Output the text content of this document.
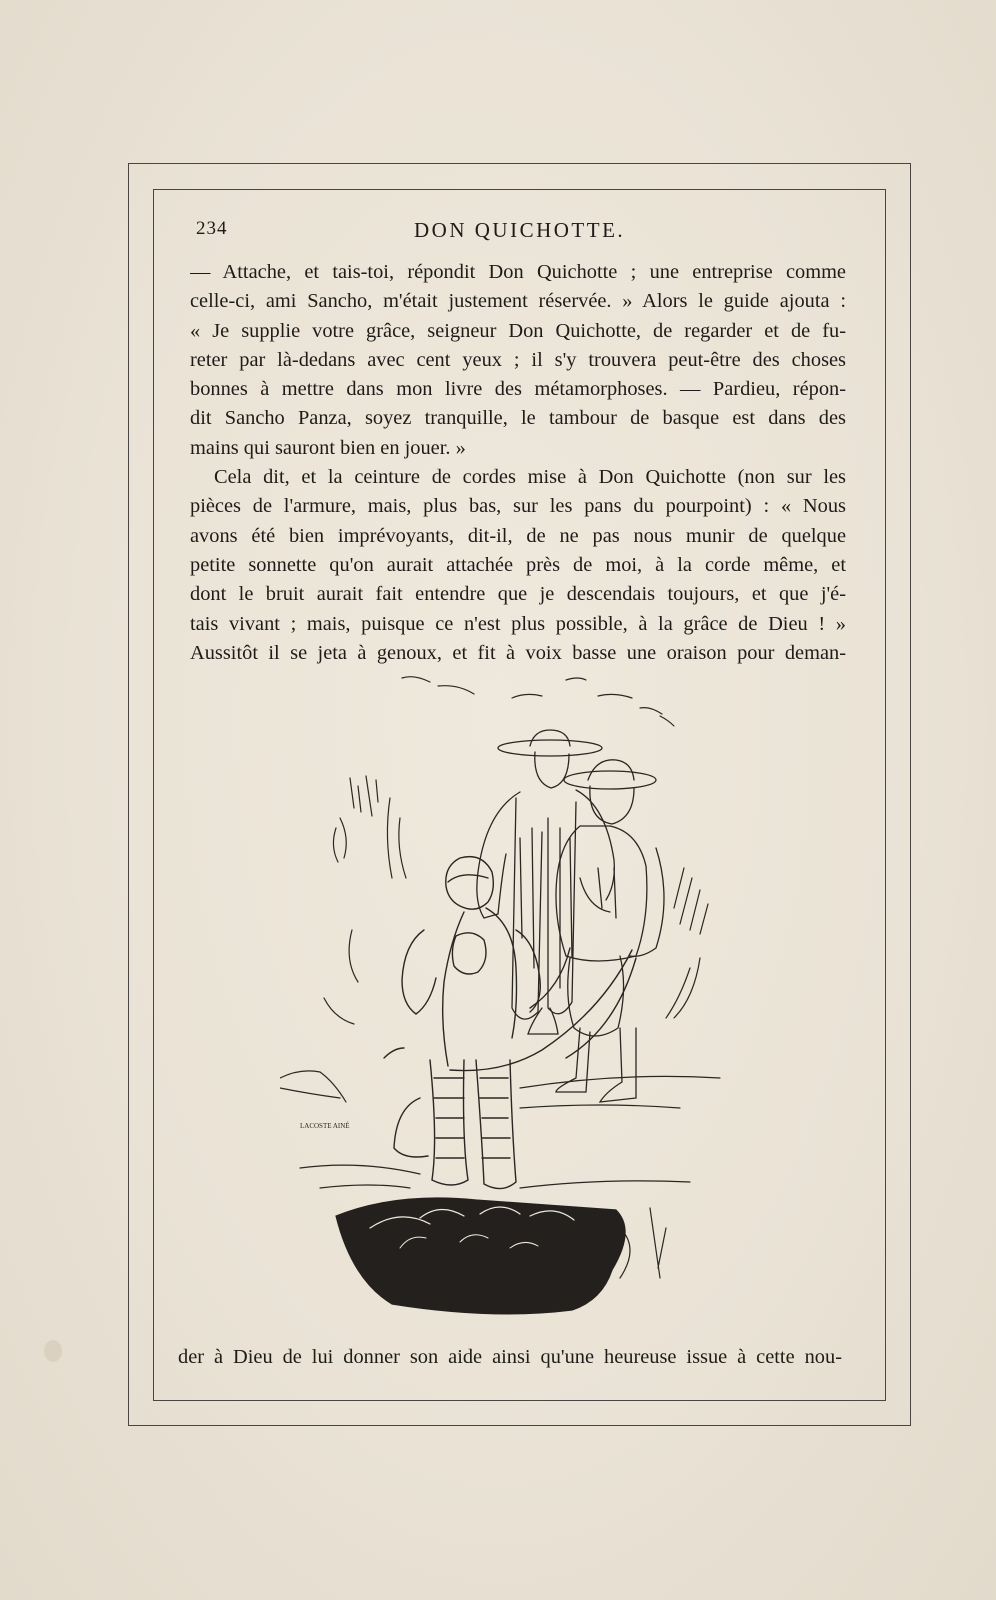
234	DON QUICHOTTE.
— Attache, et tais-toi, répondit Don Quichotte ; une entreprise comme
celle-ci, ami Sancho, m'était justement réservée. » Alors le guide ajouta :
« Je supplie votre grâce, seigneur Don Quichotte, de regarder et de fu-
reter par là-dedans avec cent yeux ; il s'y trouvera peut-être des choses
bonnes à mettre dans mon livre des métamorphoses. — Pardieu, répon-
dit Sancho Panza, soyez tranquille, le tambour de basque est dans des
mains qui sauront bien en jouer. »
Cela dit, et la ceinture de cordes mise à Don Quichotte (non sur les
pièces de l'armure, mais, plus bas, sur les pans du pourpoint) : « Nous
avons été bien imprévoyants, dit-il, de ne pas nous munir de quelque
petite sonnette qu'on aurait attachée près de moi, à la corde même, et
dont le bruit aurait fait entendre que je descendais toujours, et que j'é-
tais vivant ; mais, puisque ce n'est plus possible, à la grâce de Dieu ! »
Aussitôt il se jeta à genoux, et fit à voix basse une oraison pour deman-
LACOSTE AINÉ
der à Dieu de lui donner son aide ainsi qu'une heureuse issue à cette nou-
